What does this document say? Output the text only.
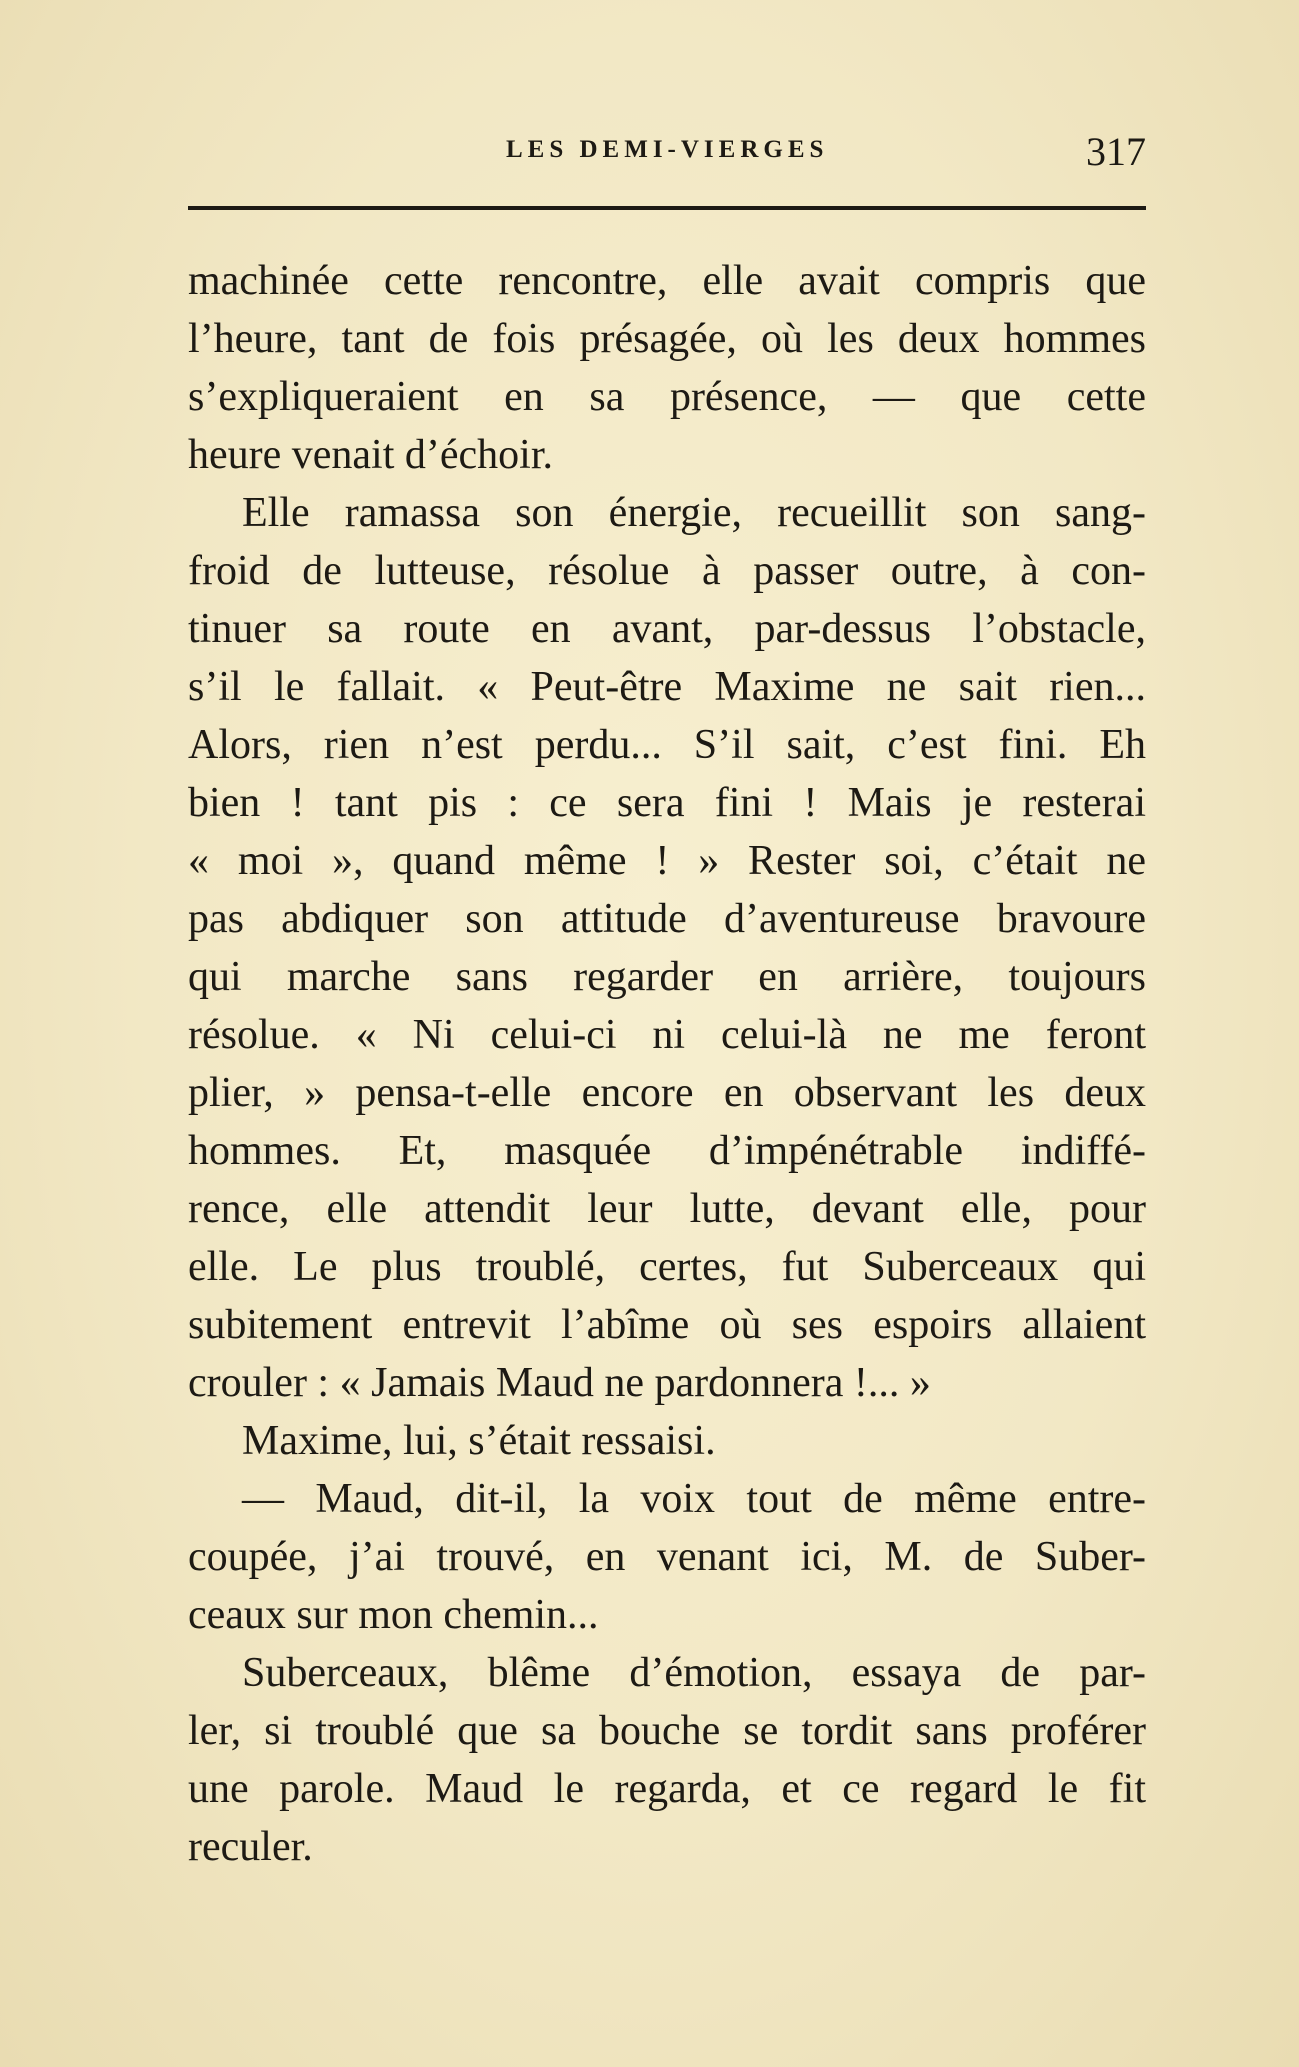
LES DEMI-VIERGES	317
machinée cette rencontre, elle avait compris que
l’heure, tant de fois présagée, où les deux hommes
s’expliqueraient en sa présence, — que cette
heure venait d’échoir.
Elle ramassa son énergie, recueillit son sang-
froid de lutteuse, résolue à passer outre, à con-
tinuer sa route en avant, par-dessus l’obstacle,
s’il le fallait. « Peut-être Maxime ne sait rien...
Alors, rien n’est perdu... S’il sait, c’est fini. Eh
bien ! tant pis : ce sera fini ! Mais je resterai
« moi », quand même ! » Rester soi, c’était ne
pas abdiquer son attitude d’aventureuse bravoure
qui marche sans regarder en arrière, toujours
résolue. « Ni celui-ci ni celui-là ne me feront
plier, » pensa-t-elle encore en observant les deux
hommes. Et, masquée d’impénétrable indiffé-
rence, elle attendit leur lutte, devant elle, pour
elle. Le plus troublé, certes, fut Suberceaux qui
subitement entrevit l’abîme où ses espoirs allaient
crouler : « Jamais Maud ne pardonnera !... »
Maxime, lui, s’était ressaisi.
— Maud, dit-il, la voix tout de même entre-
coupée, j’ai trouvé, en venant ici, M. de Suber-
ceaux sur mon chemin...
Suberceaux, blême d’émotion, essaya de par-
ler, si troublé que sa bouche se tordit sans proférer
une parole. Maud le regarda, et ce regard le fit
reculer.
